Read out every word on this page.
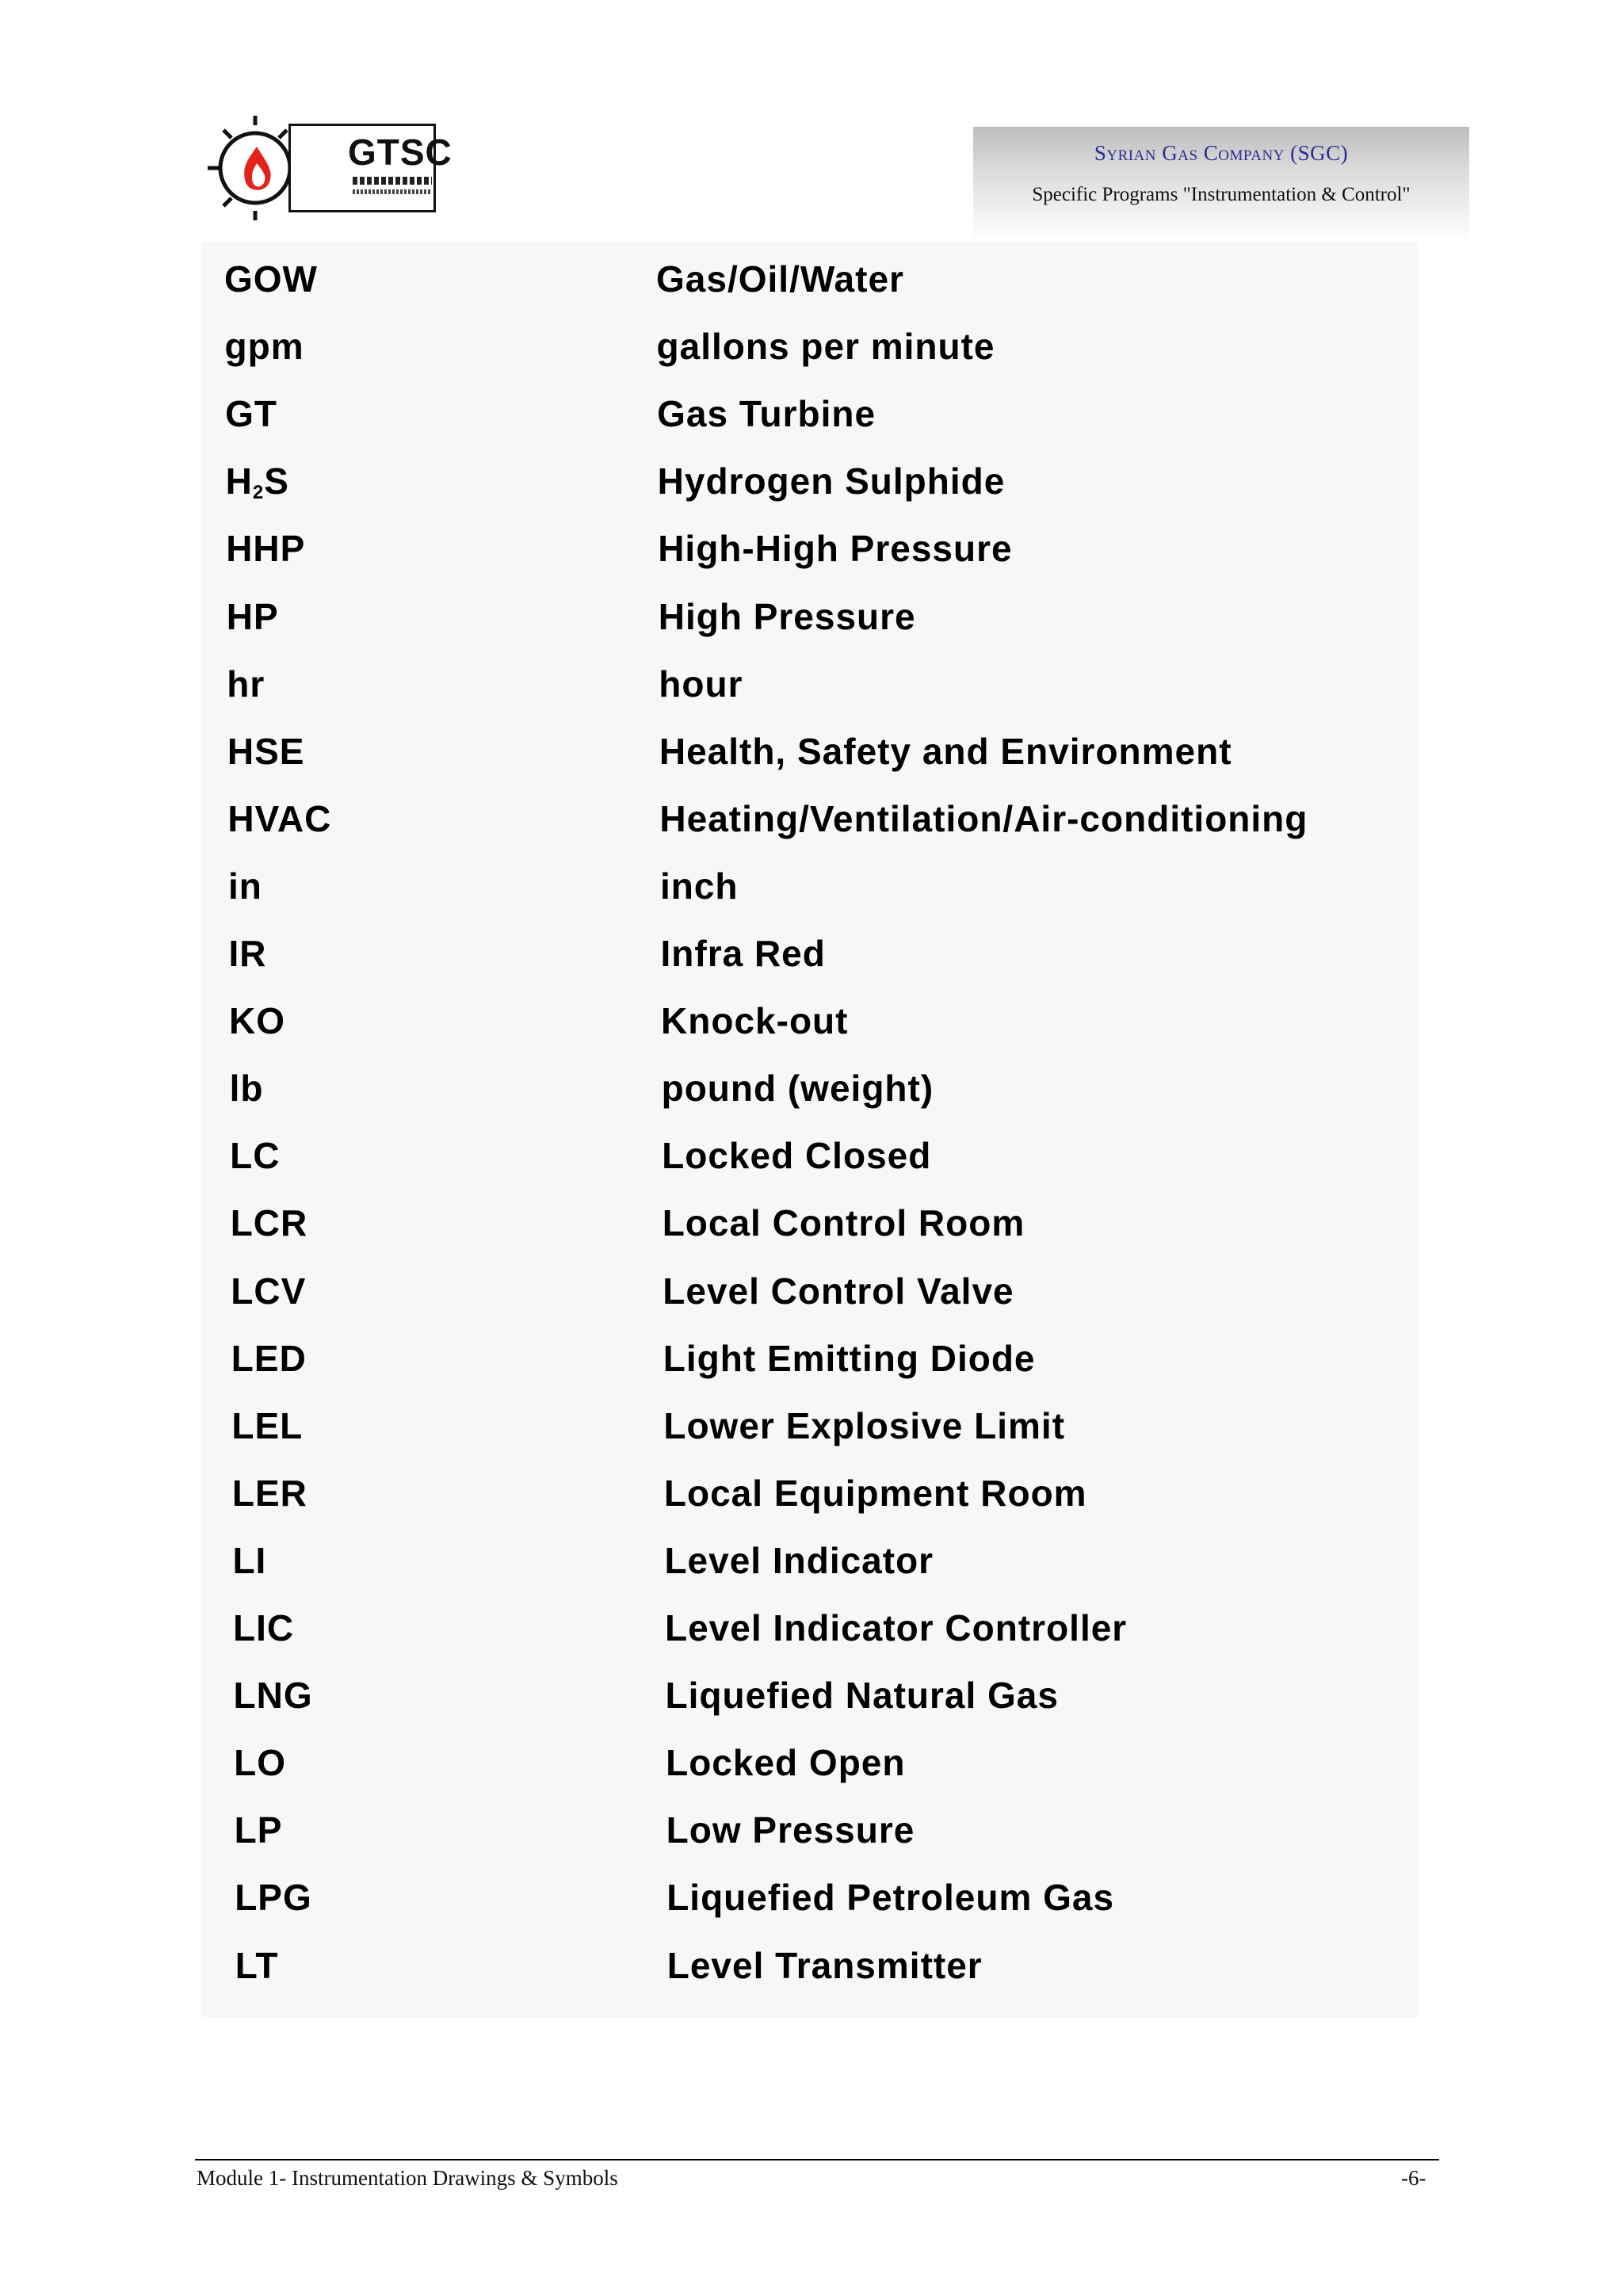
GTSC	Syrian Gas Company (SGC)
Specific Programs "Instrumentation & Control"
GOW	Gas/Oil/Water
gpm	gallons per minute
GT	Gas Turbine
$H_2S$	Hydrogen Sulphide
HHP	High-High Pressure
HP	High Pressure
hr	hour
HSE	Health, Safety and Environment
HVAC	Heating/Ventilation/Air-conditioning
in	inch
IR	Infra Red
KO	Knock-out
lb	pound (weight)
LC	Locked Closed
LCR	Local Control Room
LCV	Level Control Valve
LED	Light Emitting Diode
LEL	Lower Explosive Limit
LER	Local Equipment Room
LI	Level Indicator
LIC	Level Indicator Controller
LNG	Liquefied Natural Gas
LO	Locked Open
LP	Low Pressure
LPG	Liquefied Petroleum Gas
LT	Level Transmitter
Module 1- Instrumentation Drawings & Symbols	-6-
